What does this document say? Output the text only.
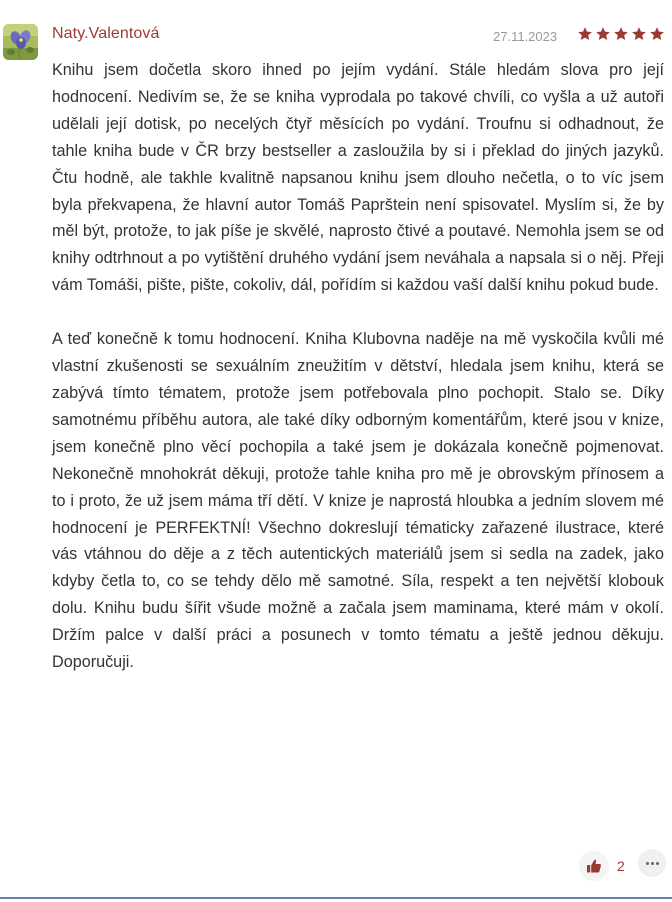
Naty.Valentová	27.11.2023

Knihu jsem dočetla skoro ihned po jejím vydání. Stále hledám slova pro její hodnocení. Nedivím se, že se kniha vyprodala po takové chvíli, co vyšla a už autoři udělali její dotisk, po necelých čtyř měsících po vydání. Troufnu si odhadnout, že tahle kniha bude v ČR brzy bestseller a zasloužila by si i překlad do jiných jazyků. Čtu hodně, ale takhle kvalitně napsanou knihu jsem dlouho nečetla, o to víc jsem byla překvapena, že hlavní autor Tomáš Paprštein není spisovatel. Myslím si, že by měl být, protože, to jak píše je skvělé, naprosto čtivé a poutavé. Nemohla jsem se od knihy odtrhnout a po vytištění druhého vydání jsem neváhala a napsala si o něj. Přeji vám Tomáši, pište, pište, cokoliv, dál, pořídím si každou vaší další knihu pokud bude.

A teď konečně k tomu hodnocení. Kniha Klubovna naděje na mě vyskočila kvůli mé vlastní zkušenosti se sexuálním zneužitím v dětství, hledala jsem knihu, která se zabývá tímto tématem, protože jsem potřebovala plno pochopit. Stalo se. Díky samotnému příběhu autora, ale také díky odborným komentářům, které jsou v knize, jsem konečně plno věcí pochopila a také jsem je dokázala konečně pojmenovat. Nekonečně mnohokrát děkuji, protože tahle kniha pro mě je obrovským přínosem a to i proto, že už jsem máma tří dětí. V knize je naprostá hloubka a jedním slovem mé hodnocení je PERFEKTNÍ! Všechno dokreslují tématicky zařazené ilustrace, které vás vtáhnou do děje a z těch autentických materiálů jsem si sedla na zadek, jako kdyby četla to, co se tehdy dělo mě samotné. Síla, respekt a ten největší klobouk dolu. Knihu budu šířit všude možně a začala jsem maminama, které mám v okolí. Držím palce v další práci a posunech v tomto tématu a ještě jednou děkuju. Doporučuji.

2
